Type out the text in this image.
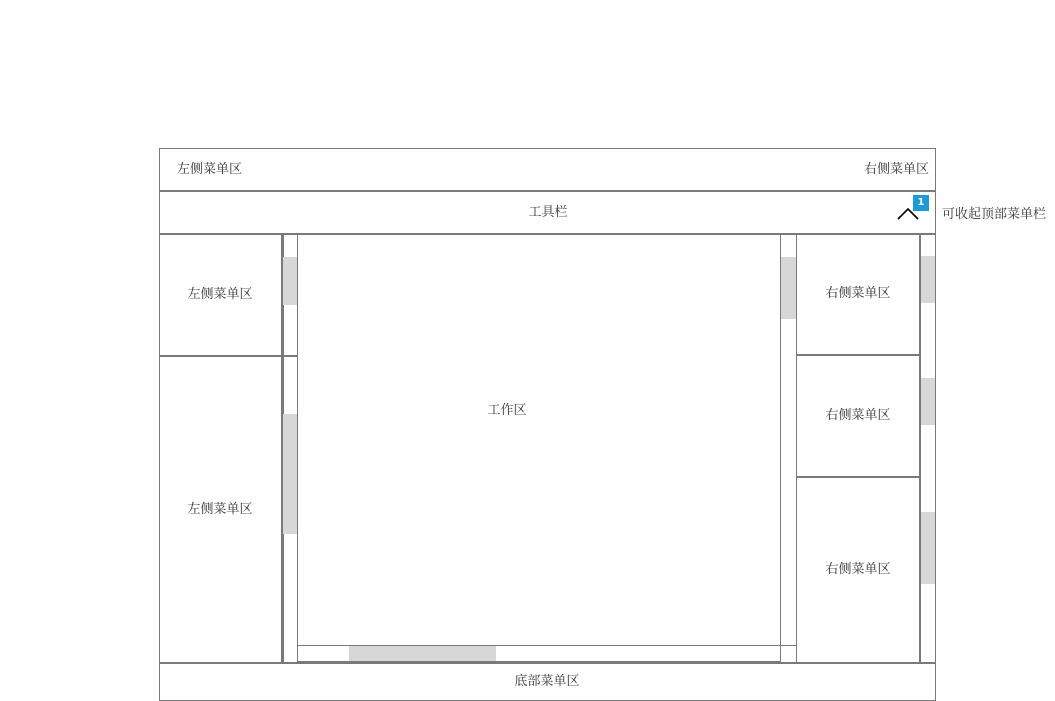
左侧菜单区	右侧菜单区
工具栏
1
可收起顶部菜单栏
左侧菜单区
左侧菜单区
工作区
右侧菜单区
右侧菜单区
右侧菜单区
底部菜单区
